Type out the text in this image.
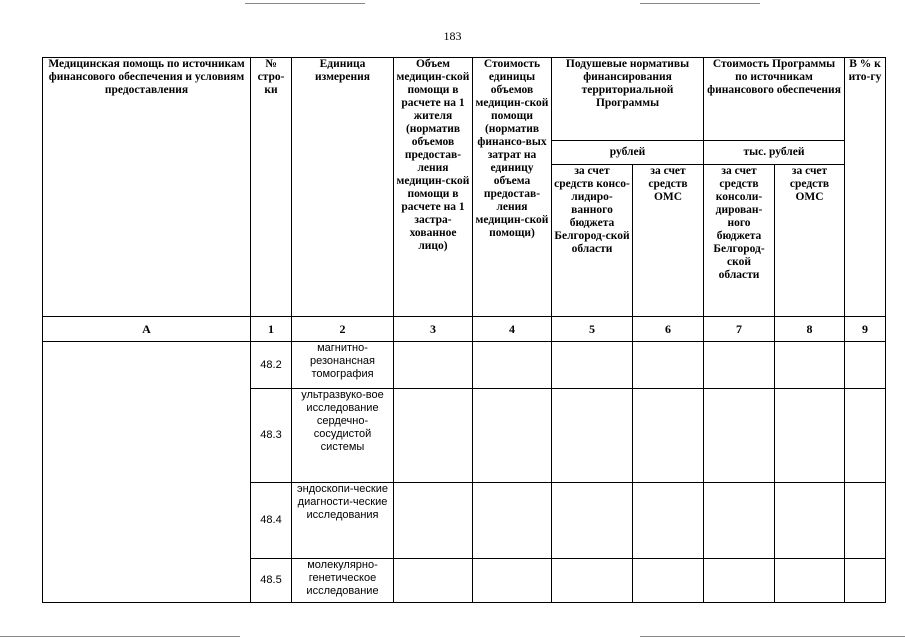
183
Медицинская помощь по источникам финансового обеспечения и условиям предоставления	№ стро-ки	Единица измерения	Объем медицин-ской помощи в расчете на 1 жителя (норматив объемов предостав-ления медицин-ской помощи в расчете на 1 застра-хованное лицо)	Стоимость единицы объемов медицин-ской помощи (норматив финансо-вых затрат на единицу объема предостав-ления медицин-ской помощи)	Подушевые нормативы финансирования территориальной Программы		Стоимость Программы по источникам финансового обеспечения		В % к ито-гу
					рублей		тыс. рублей		
					за счет средств консо-лидиро-ванного бюджета Белгород-ской области	за счет средств ОМС	за счет средств консоли-дирован-ного бюджета Белгород-ской области	за счет средств ОМС	
А	1	2	3	4	5	6	7	8	9
	48.2	магнитно-резонансная томография							
	48.3	ультразвуко-вое исследование сердечно-сосудистой системы							
	48.4	эндоскопи-ческие диагности-ческие исследования							
	48.5	молекулярно-генетическое исследование							
